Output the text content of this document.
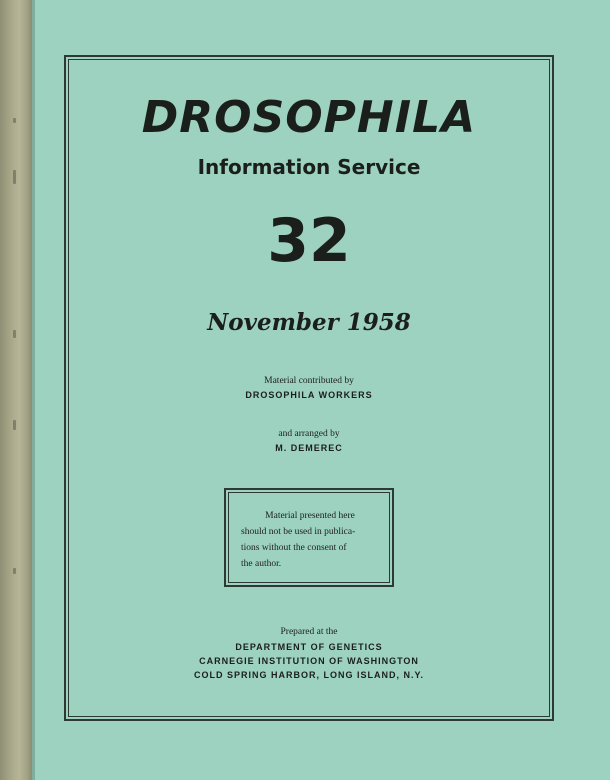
DROSOPHILA
Information Service
32
November 1958
Material contributed by
DROSOPHILA WORKERS
and arranged by
M. DEMEREC
Material presented here
should not be used in publica-
tions without the consent of
the author.
Prepared at the
DEPARTMENT OF GENETICS
CARNEGIE INSTITUTION OF WASHINGTON
COLD SPRING HARBOR, LONG ISLAND, N.Y.
